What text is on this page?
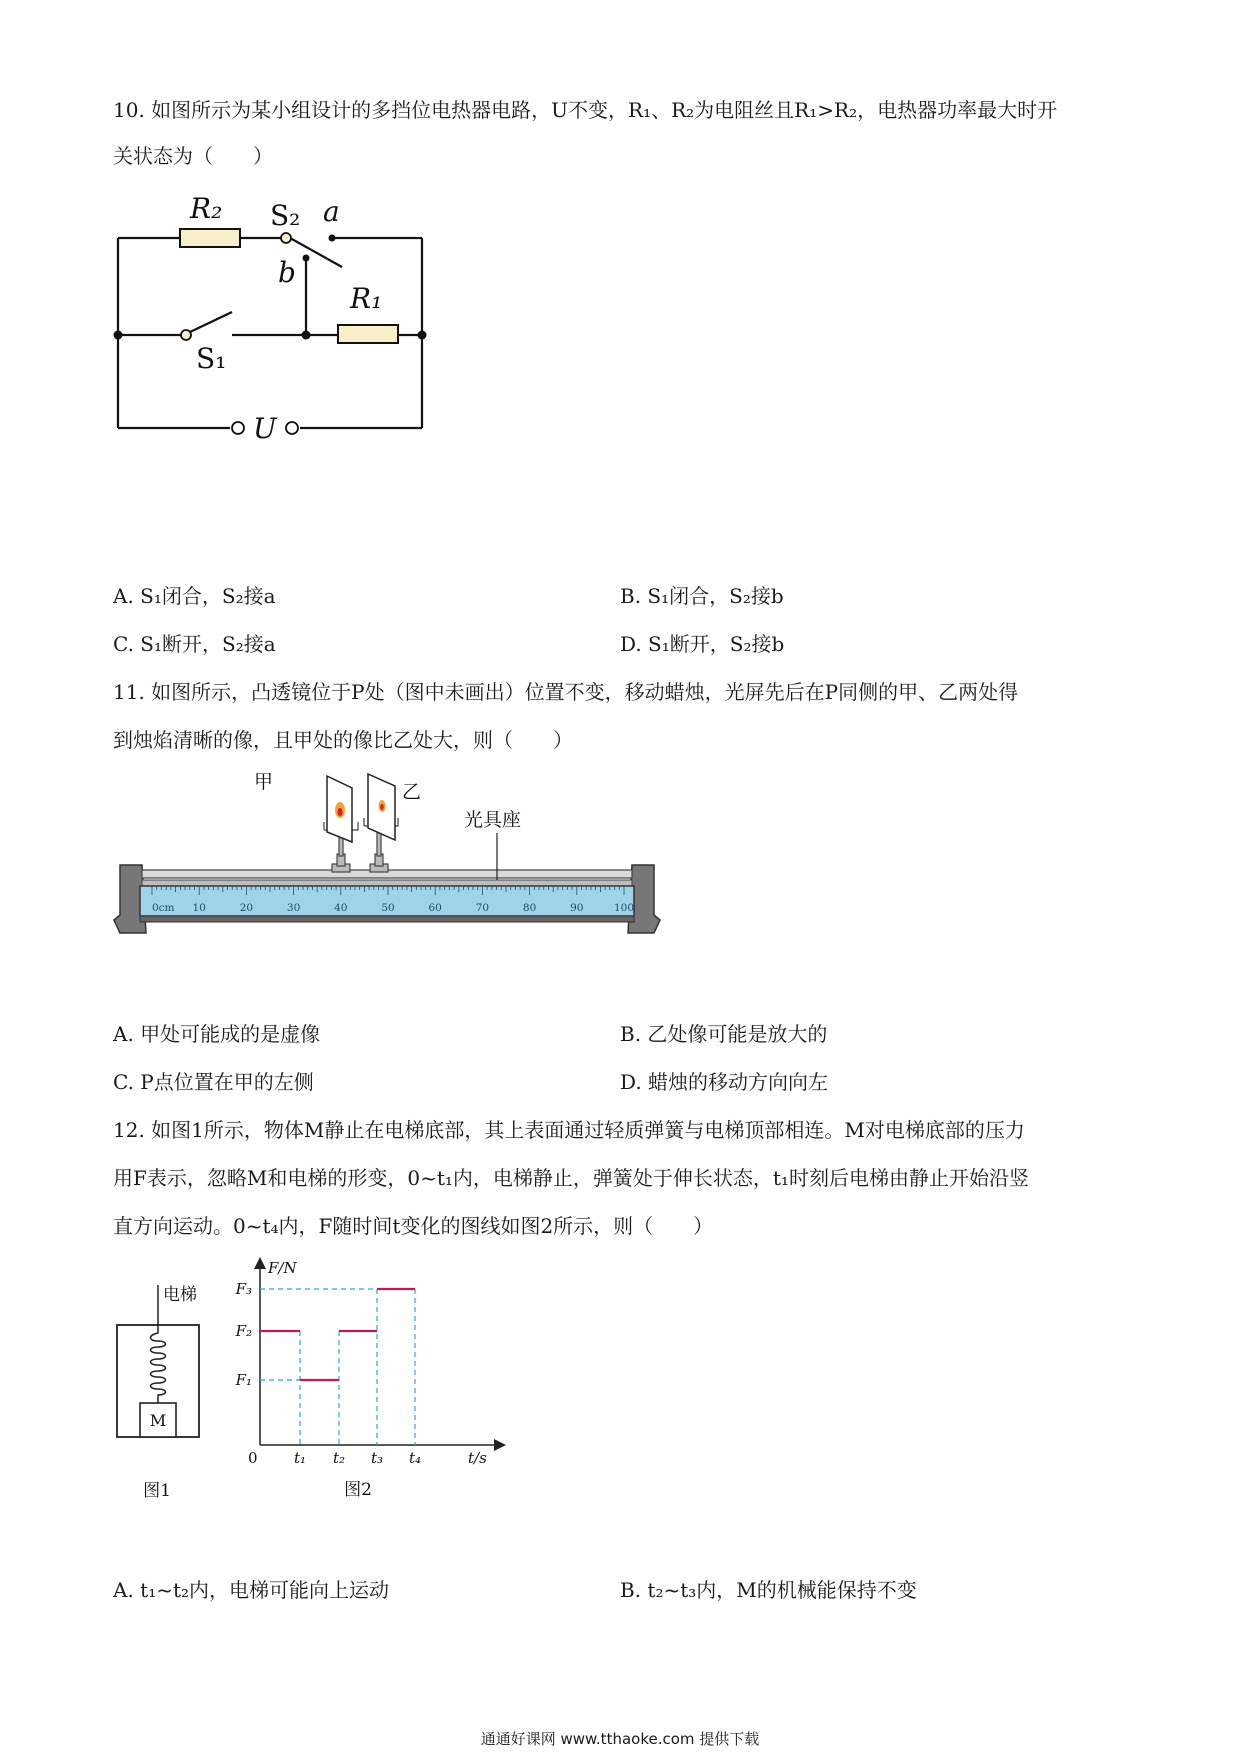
10. 如图所示为某小组设计的多挡位电热器电路，U不变，R₁、R₂为电阻丝且R₁>R₂，电热器功率最大时开
关状态为（　　）
R₂ S₂ a
b
R₁
S₁
U
A. S₁闭合，S₂接a	B. S₁闭合，S₂接b
C. S₁断开，S₂接a	D. S₁断开，S₂接b
11. 如图所示，凸透镜位于P处（图中未画出）位置不变，移动蜡烛，光屏先后在P同侧的甲、乙两处得
到烛焰清晰的像，且甲处的像比乙处大，则（　　）
0cm 10	20	30	40	50	60	70	80	90	100
甲	乙
光具座
A. 甲处可能成的是虚像	B. 乙处像可能是放大的
C. P点位置在甲的左侧	D. 蜡烛的移动方向向左
12. 如图1所示，物体M静止在电梯底部，其上表面通过轻质弹簧与电梯顶部相连。M对电梯底部的压力
用F表示，忽略M和电梯的形变，0~t₁内，电梯静止，弹簧处于伸长状态，t₁时刻后电梯由静止开始沿竖
直方向运动。0~t₄内，F随时间t变化的图线如图2所示，则（　　）
电梯
M
图1
F₃
F₂
F₁
t₁ t₂ t₃ t₄
F/N
t/s
0
图2
A. t₁~t₂内，电梯可能向上运动	B. t₂~t₃内，M的机械能保持不变
通通好课网 www.tthaoke.com 提供下载
